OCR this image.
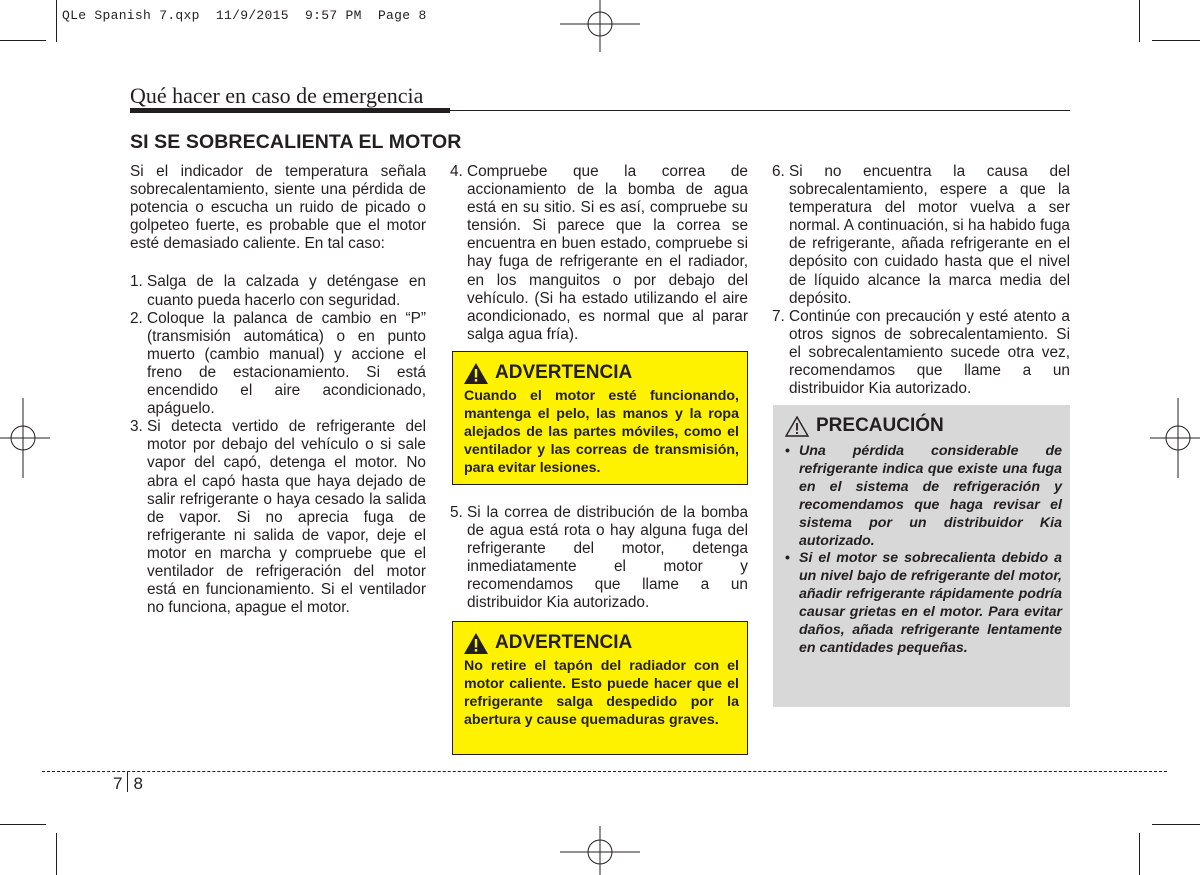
QLe Spanish 7.qxp  11/9/2015  9:57 PM  Page 8
Qué hacer en caso de emergencia
SI SE SOBRECALIENTA EL MOTOR

Si el indicador de temperatura señala sobrecalentamiento, siente una pérdida de potencia o escucha un ruido de picado o golpeteo fuerte, es probable que el motor esté demasiado caliente. En tal caso:

1. Salga de la calzada y deténgase en cuanto pueda hacerlo con seguridad.
2. Coloque la palanca de cambio en “P” (transmisión automática) o en punto muerto (cambio manual) y accione el freno de estacionamiento. Si está encendido el aire acondicionado, apáguelo.
3. Si detecta vertido de refrigerante del motor por debajo del vehículo o si sale vapor del capó, detenga el motor. No abra el capó hasta que haya dejado de salir refrigerante o haya cesado la salida de vapor. Si no aprecia fuga de refrigerante ni salida de vapor, deje el motor en marcha y compruebe que el ventilador de refrigeración del motor está en funcionamiento. Si el ventilador no funciona, apague el motor.
4. Compruebe que la correa de accionamiento de la bomba de agua está en su sitio. Si es así, compruebe su tensión. Si parece que la correa se encuentra en buen estado, compruebe si hay fuga de refrigerante en el radiador, en los manguitos o por debajo del vehículo. (Si ha estado utilizando el aire acondicionado, es normal que al parar salga agua fría).
ADVERTENCIA
Cuando el motor esté funcionando, mantenga el pelo, las manos y la ropa alejados de las partes móviles, como el ventilador y las correas de transmisión, para evitar lesiones.
5. Si la correa de distribución de la bomba de agua está rota o hay alguna fuga del refrigerante del motor, detenga inmediatamente el motor y recomendamos que llame a un distribuidor Kia autorizado.
ADVERTENCIA
No retire el tapón del radiador con el motor caliente. Esto puede hacer que el refrigerante salga despedido por la abertura y cause quemaduras graves.
6. Si no encuentra la causa del sobrecalentamiento, espere a que la temperatura del motor vuelva a ser normal. A continuación, si ha habido fuga de refrigerante, añada refrigerante en el depósito con cuidado hasta que el nivel de líquido alcance la marca media del depósito.
7. Continúe con precaución y esté atento a otros signos de sobrecalentamiento. Si el sobrecalentamiento sucede otra vez, recomendamos que llame a un distribuidor Kia autorizado.
PRECAUCIÓN
• Una pérdida considerable de refrigerante indica que existe una fuga en el sistema de refrigeración y recomendamos que haga revisar el sistema por un distribuidor Kia autorizado.
• Si el motor se sobrecalienta debido a un nivel bajo de refrigerante del motor, añadir refrigerante rápidamente podría causar grietas en el motor. Para evitar daños, añada refrigerante lentamente en cantidades pequeñas.
7 8
